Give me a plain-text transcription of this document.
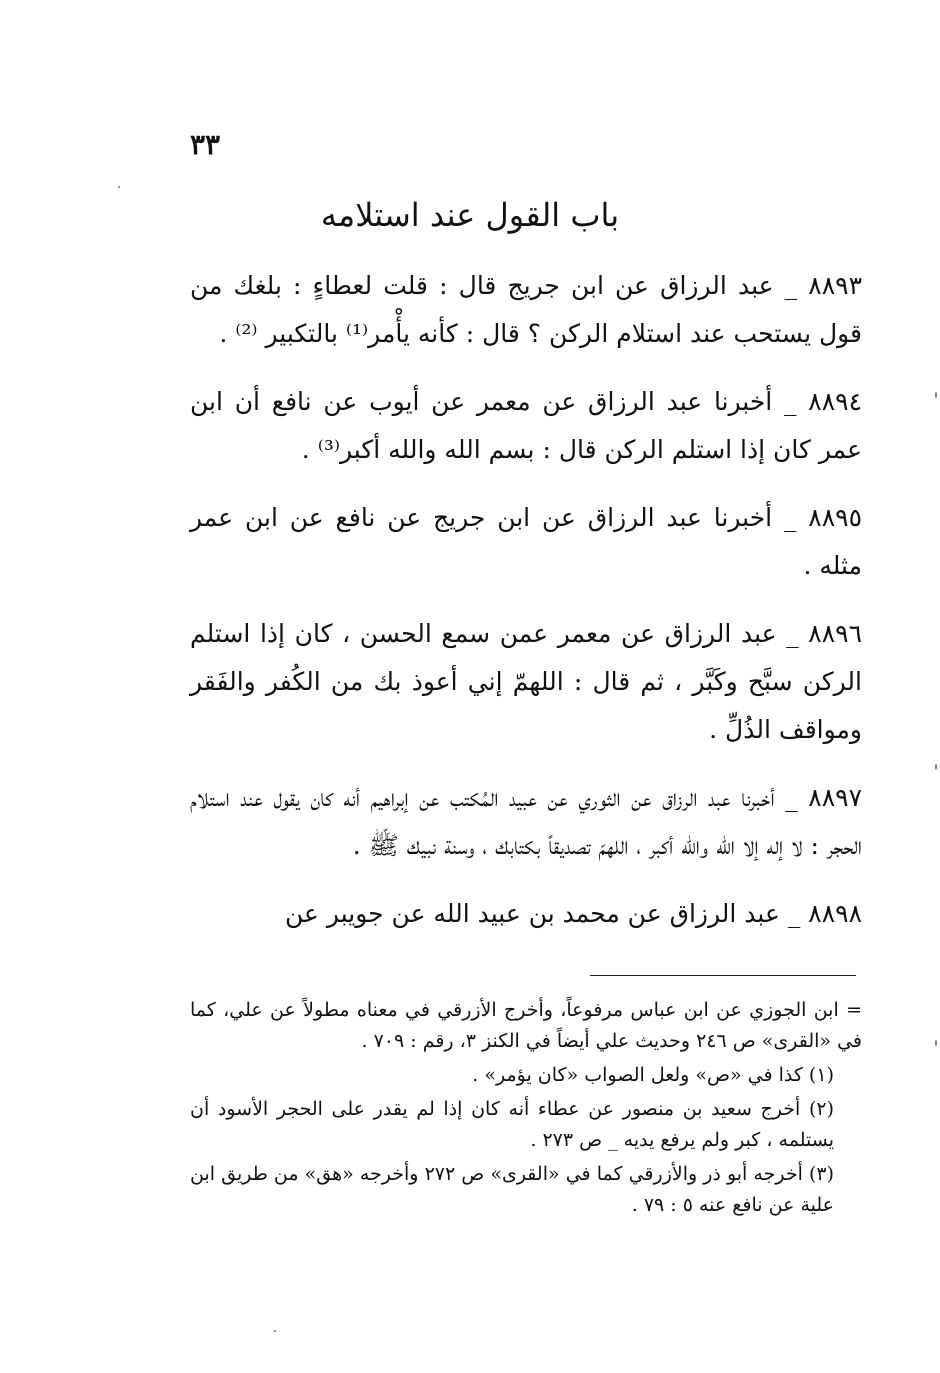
٣٣
باب القول عند استلامه

٨٨٩٣ _ عبد الرزاق عن ابن جريج قال : قلت لعطاءٍ : بلغك من قول يستحب عند استلام الركن ؟ قال : كأنه يأْمر⁽¹⁾ بالتكبير ⁽²⁾ .

٨٨٩٤ _ أخبرنا عبد الرزاق عن معمر عن أيوب عن نافع أن ابن عمر كان إذا استلم الركن قال : بسم الله والله أكبر⁽³⁾ .

٨٨٩٥ _ أخبرنا عبد الرزاق عن ابن جريج عن نافع عن ابن عمر مثله .

٨٨٩٦ _ عبد الرزاق عن معمر عمن سمع الحسن ، كان إذا استلم الركن سبَّح وكَبَّر ، ثم قال : اللهمّ إني أعوذ بك من الكُفر والفَقر ومواقف الذُلِّ .

٨٨٩٧ _ أخبرنا عبد الرزاق عن الثوري عن عبيد المُكتب عن إبراهيم أنه كان يقول عند استلام الحجر : لا إله إلا الله والله أكبر ، اللهمّ تصديقاً بكتابك ، وسنة نبيك ﷺ .

٨٨٩٨ _ عبد الرزاق عن محمد بن عبيد الله عن جويبر عن

= ابن الجوزي عن ابن عباس مرفوعاً، وأخرج الأزرقي في معناه مطولاً عن علي، كما في «القرى» ص ٢٤٦ وحديث علي أيضاً في الكنز ٣، رقم : ٧٠٩ .

(١) كذا في «ص» ولعل الصواب «كان يؤمر» .

(٢) أخرج سعيد بن منصور عن عطاء أنه كان إذا لم يقدر على الحجر الأسود أن يستلمه ، كبر ولم يرفع يديه _ ص ٢٧٣ .

(٣) أخرجه أبو ذر والأزرقي كما في «القرى» ص ٢٧٢ وأخرجه «هق» من طريق ابن علية عن نافع عنه ٥ : ٧٩ .
